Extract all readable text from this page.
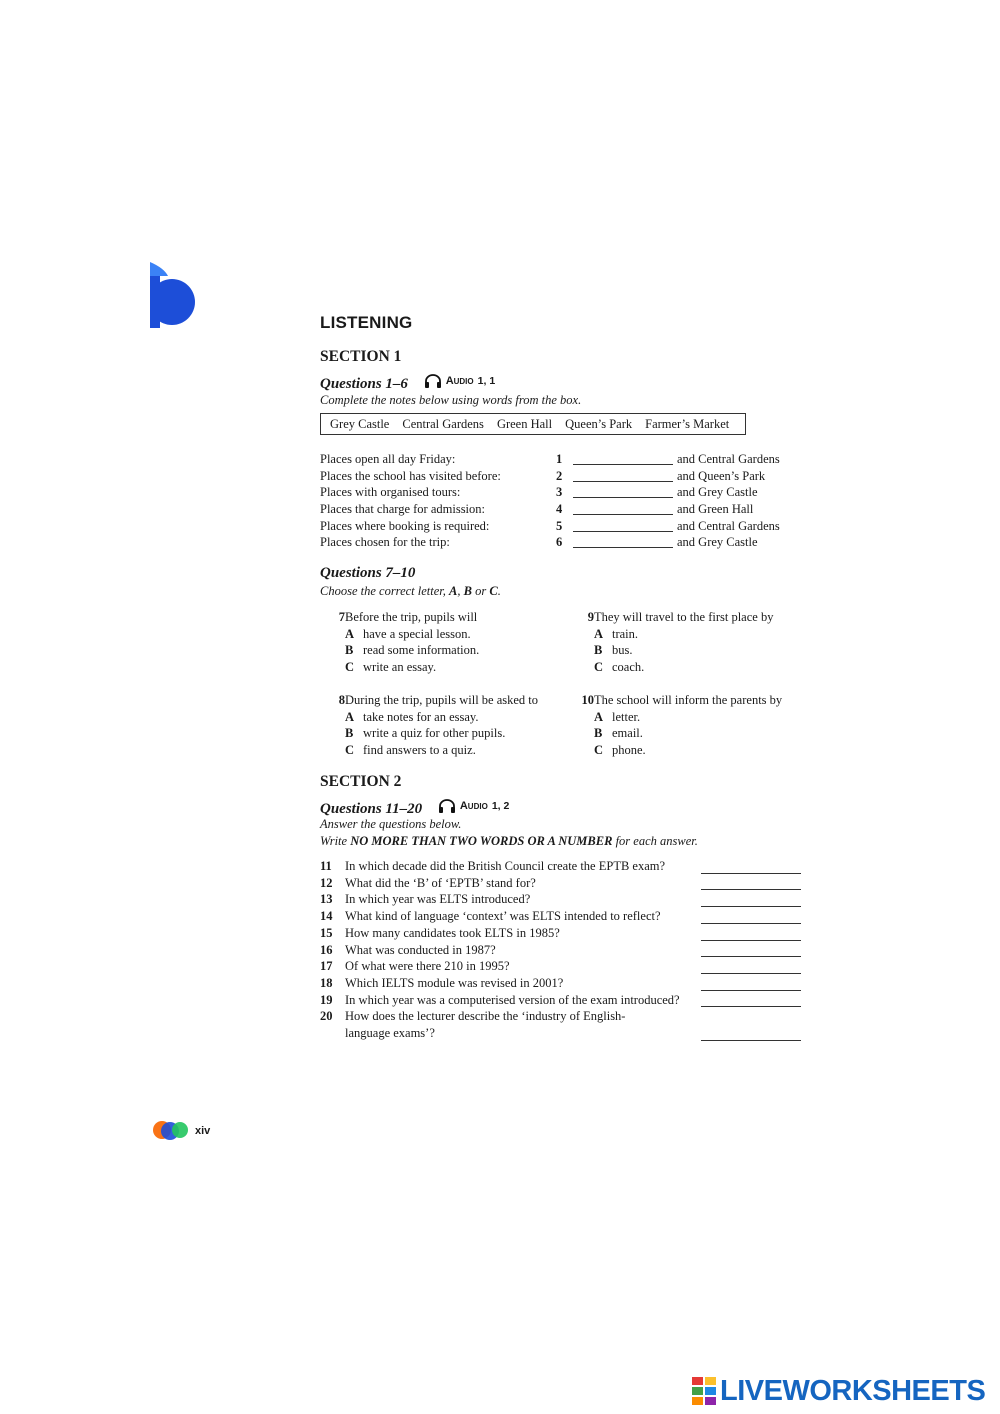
LISTENING
SECTION 1
Questions 1–6	Audio 1, 1
Complete the notes below using words from the box.
Grey Castle Central Gardens Green Hall Queen’s Park Farmer’s Market
Places open all day Friday:	1	and Central Gardens
Places the school has visited before:	2	and Queen’s Park
Places with organised tours:	3	and Grey Castle
Places that charge for admission:	4	and Green Hall
Places where booking is required:	5	and Central Gardens
Places chosen for the trip:	6	and Grey Castle
Questions 7–10
Choose the correct letter, A, B or C.
7 Before the trip, pupils will
A have a special lesson.
B read some information.
C write an essay.
9 They will travel to the first place by
A train.
B bus.
C coach.
8 During the trip, pupils will be asked to
A take notes for an essay.
B write a quiz for other pupils.
C find answers to a quiz.
10 The school will inform the parents by
A letter.
B email.
C phone.
SECTION 2
Questions 11–20	Audio 1, 2
Answer the questions below.
Write NO MORE THAN TWO WORDS OR A NUMBER for each answer.
11 In which decade did the British Council create the EPTB exam?
12 What did the ‘B’ of ‘EPTB’ stand for?
13 In which year was ELTS introduced?
14 What kind of language ‘context’ was ELTS intended to reflect?
15 How many candidates took ELTS in 1985?
16 What was conducted in 1987?
17 Of what were there 210 in 1995?
18 Which IELTS module was revised in 2001?
19 In which year was a computerised version of the exam introduced?
20 How does the lecturer describe the ‘industry of English-
language exams’?
xiv
LIVEWORKSHEETS
